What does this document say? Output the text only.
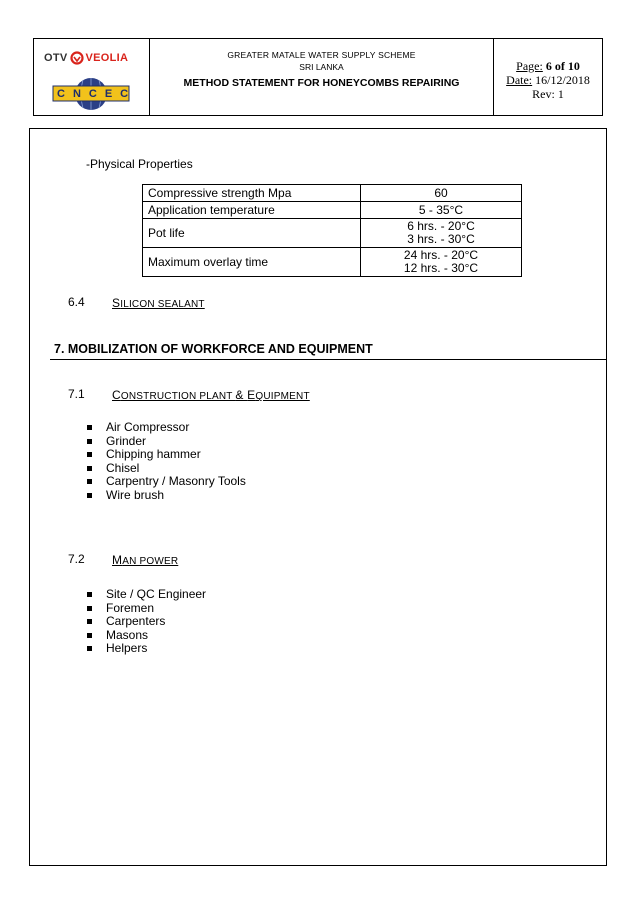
OTV VEOLIA
CNCEC
GREATER MATALE WATER SUPPLY SCHEME
SRI LANKA
METHOD STATEMENT FOR HONEYCOMBS REPAIRING
Page: 6 of 10
Date: 16/12/2018
Rev: 1
-Physical Properties
Compressive strength Mpa	60
Application temperature	5 - 35°C
Pot life	6 hrs. - 20°C
3 hrs. - 30°C

Maximum overlay time	24 hrs. - 20°C
12 hrs. - 30°C
6.4 SILICON SEALANT
7. MOBILIZATION OF WORKFORCE AND EQUIPMENT
7.1 CONSTRUCTION PLANT & EQUIPMENT
Air Compressor
Grinder
Chipping hammer
Chisel
Carpentry / Masonry Tools
Wire brush
7.2 MAN POWER
Site / QC Engineer
Foremen
Carpenters
Masons
Helpers
